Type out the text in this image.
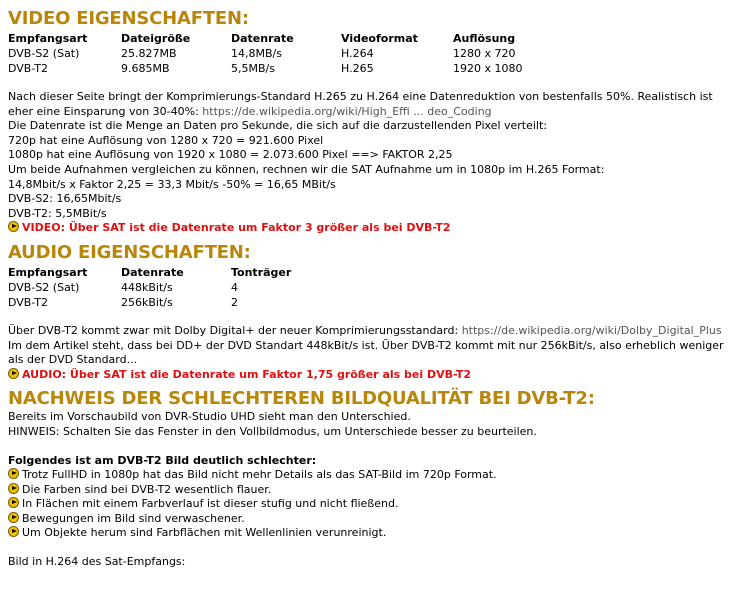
VIDEO EIGENSCHAFTEN:
Empfangsart	Dateigröße	Datenrate	Videoformat	Auflösung
DVB-S2 (Sat)	25.827MB	14,8MB/s	H.264	1280 x 720
DVB-T2	9.685MB	5,5MB/s	H.265	1920 x 1080
Nach dieser Seite bringt der Komprimierungs-Standard H.265 zu H.264 eine Datenreduktion von bestenfalls 50%. Realistisch ist eher eine Einsparung von 30-40%: https://de.wikipedia.org/wiki/High_Effi ... deo_Coding
Die Datenrate ist die Menge an Daten pro Sekunde, die sich auf die darzustellenden Pixel verteilt:
720p hat eine Auflösung von 1280 x 720 = 921.600 Pixel
1080p hat eine Auflösung von 1920 x 1080 = 2.073.600 Pixel ==> FAKTOR 2,25
Um beide Aufnahmen vergleichen zu können, rechnen wir die SAT Aufnahme um in 1080p im H.265 Format:
14,8Mbit/s x Faktor 2,25 = 33,3 Mbit/s -50% = 16,65 MBit/s
DVB-S2: 16,65Mbit/s
DVB-T2: 5,5MBit/s
VIDEO: Über SAT ist die Datenrate um Faktor 3 größer als bei DVB-T2
AUDIO EIGENSCHAFTEN:
Empfangsart	Datenrate	Tonträger
DVB-S2 (Sat)	448kBit/s	4
DVB-T2	256kBit/s	2
Über DVB-T2 kommt zwar mit Dolby Digital+ der neuer Komprimierungsstandard: https://de.wikipedia.org/wiki/Dolby_Digital_Plus
Im dem Artikel steht, dass bei DD+ der DVD Standart 448kBit/s ist. Über DVB-T2 kommt mit nur 256kBit/s, also erheblich weniger als der DVD Standard...
AUDIO: Über SAT ist die Datenrate um Faktor 1,75 größer als bei DVB-T2
NACHWEIS DER SCHLECHTEREN BILDQUALITÄT BEI DVB-T2:
Bereits im Vorschaubild von DVR-Studio UHD sieht man den Unterschied.
HINWEIS: Schalten Sie das Fenster in den Vollbildmodus, um Unterschiede besser zu beurteilen.
Folgendes ist am DVB-T2 Bild deutlich schlechter:
Trotz FullHD in 1080p hat das Bild nicht mehr Details als das SAT-Bild im 720p Format.
Die Farben sind bei DVB-T2 wesentlich flauer.
In Flächen mit einem Farbverlauf ist dieser stufig und nicht fließend.
Bewegungen im Bild sind verwaschener.
Um Objekte herum sind Farbflächen mit Wellenlinien verunreinigt.
Bild in H.264 des Sat-Empfangs:
